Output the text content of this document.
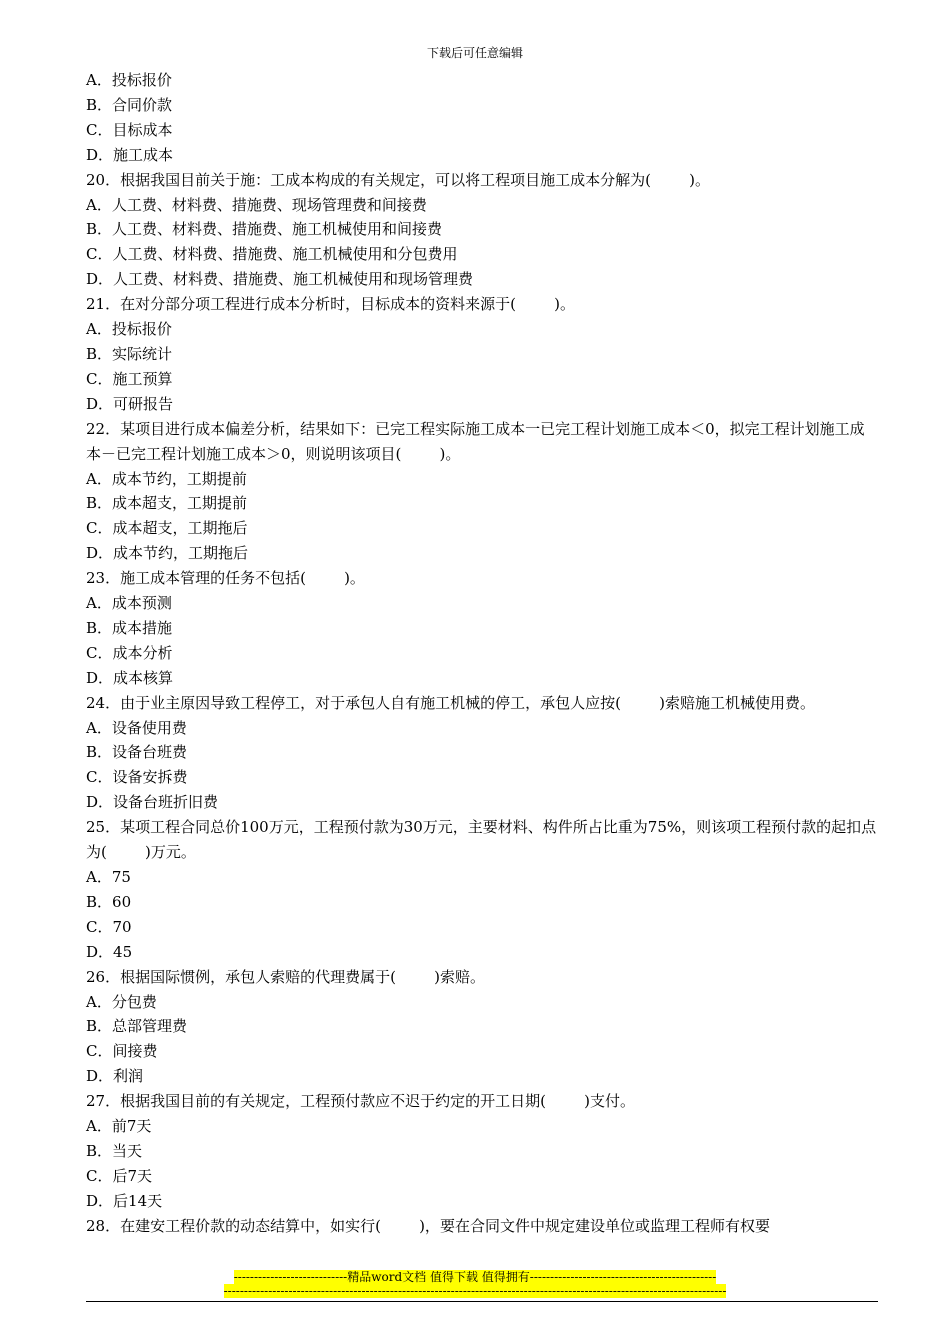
下载后可任意编辑
A．投标报价
B．合同价款
C．目标成本
D．施工成本
20．根据我国目前关于施：工成本构成的有关规定，可以将工程项目施工成本分解为(        )。
A．人工费、材料费、措施费、现场管理费和间接费
B．人工费、材料费、措施费、施工机械使用和间接费
C．人工费、材料费、措施费、施工机械使用和分包费用
D．人工费、材料费、措施费、施工机械使用和现场管理费
21．在对分部分项工程进行成本分析时，目标成本的资料来源于(        )。
A．投标报价
B．实际统计
C．施工预算
D．可研报告
22．某项目进行成本偏差分析，结果如下：已完工程实际施工成本一已完工程计划施工成本＜0，拟完工程计划施工成本－已完工程计划施工成本＞0，则说明该项目(        )。
A．成本节约，工期提前
B．成本超支，工期提前
C．成本超支，工期拖后
D．成本节约，工期拖后
23．施工成本管理的任务不包括(        )。
A．成本预测
B．成本措施
C．成本分析
D．成本核算
24．由于业主原因导致工程停工，对于承包人自有施工机械的停工，承包人应按(        )索赔施工机械使用费。
A．设备使用费
B．设备台班费
C．设备安拆费
D．设备台班折旧费
25．某项工程合同总价100万元，工程预付款为30万元，主要材料、构件所占比重为75%，则该项工程预付款的起扣点为(        )万元。
A．75
B．60
C．70
D．45
26．根据国际惯例，承包人索赔的代理费属于(        )索赔。
A．分包费
B．总部管理费
C．间接费
D．利润
27．根据我国目前的有关规定，工程预付款应不迟于约定的开工日期(        )支付。
A．前7天
B．当天
C．后7天
D．后14天
28．在建安工程价款的动态结算中，如实行(        )，要在合同文件中规定建设单位或监理工程师有权要
----------------------------精品word文档 值得下载 值得拥有----------------------------------------------
----------------------------------------------------------------------------------------------------------------------------
